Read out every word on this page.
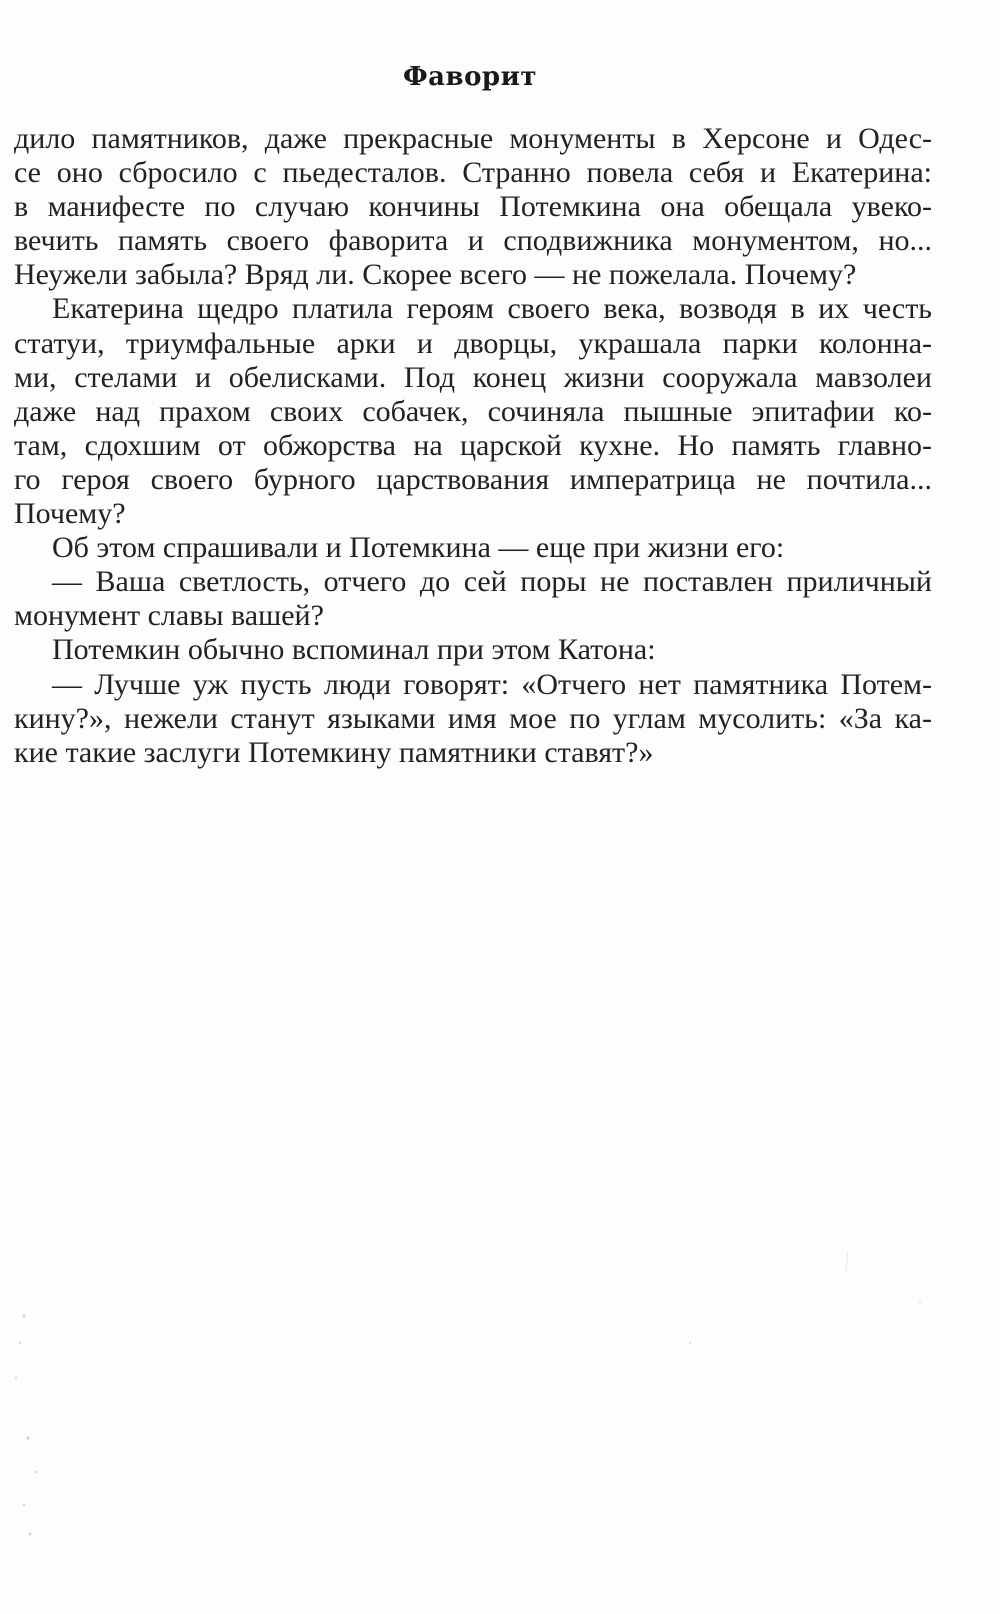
Фаворит
дило памятников, даже прекрасные монументы в Херсоне и Одес-
се оно сбросило с пьедесталов. Странно повела себя и Екатерина:
в манифесте по случаю кончины Потемкина она обещала увеко-
вечить память своего фаворита и сподвижника монументом, но...
Неужели забыла? Вряд ли. Скорее всего — не пожелала. Почему?
Екатерина щедро платила героям своего века, возводя в их честь
статуи, триумфальные арки и дворцы, украшала парки колонна-
ми, стелами и обелисками. Под конец жизни сооружала мавзолеи
даже над прахом своих собачек, сочиняла пышные эпитафии ко-
там, сдохшим от обжорства на царской кухне. Но память главно-
го героя своего бурного царствования императрица не почтила...
Почему?
Об этом спрашивали и Потемкина — еще при жизни его:
— Ваша светлость, отчего до сей поры не поставлен приличный
монумент славы вашей?
Потемкин обычно вспоминал при этом Катона:
— Лучше уж пусть люди говорят: «Отчего нет памятника Потем-
кину?», нежели станут языками имя мое по углам мусолить: «За ка-
кие такие заслуги Потемкину памятники ставят?»
